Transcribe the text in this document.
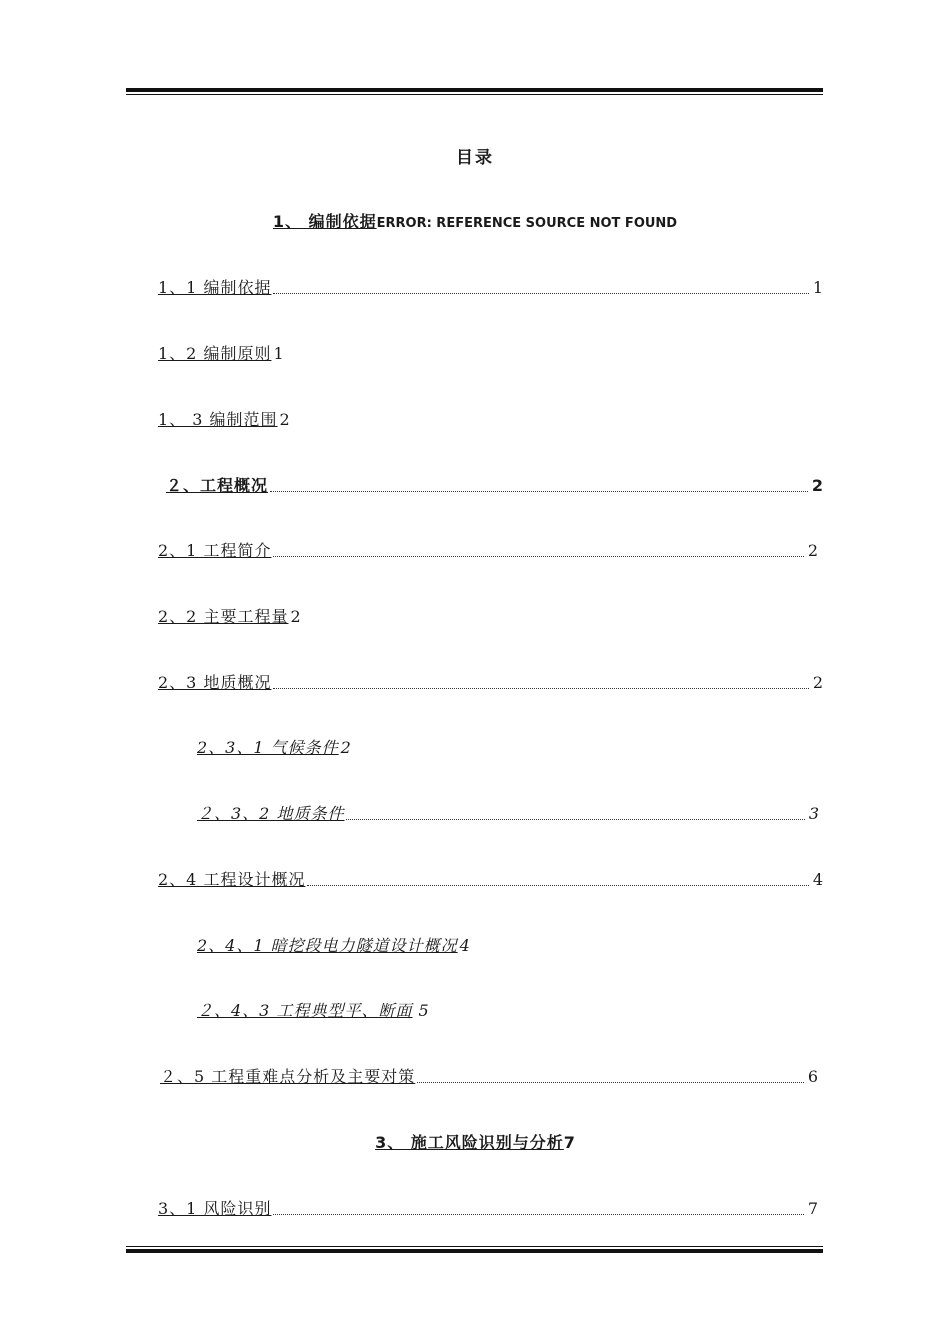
目录
1、 编制依据ERROR: REFERENCE SOURCE NOT FOUND
1、1 编制依据	1
1、2 编制原则 1
1、 3 编制范围 2
２、工程概况	2
2、1 工程简介	2
2、2 主要工程量 2
2、3 地质概况	2
2、3、1 气候条件 2
２、3、2 地质条件	3
2、4 工程设计概况	4
2、4、1 暗挖段电力隧道设计概况 4
２、4、3 工程典型平、断面 5
２、5 工程重难点分析及主要对策	6
3、 施工风险识别与分析7
3、1 风险识别	7
